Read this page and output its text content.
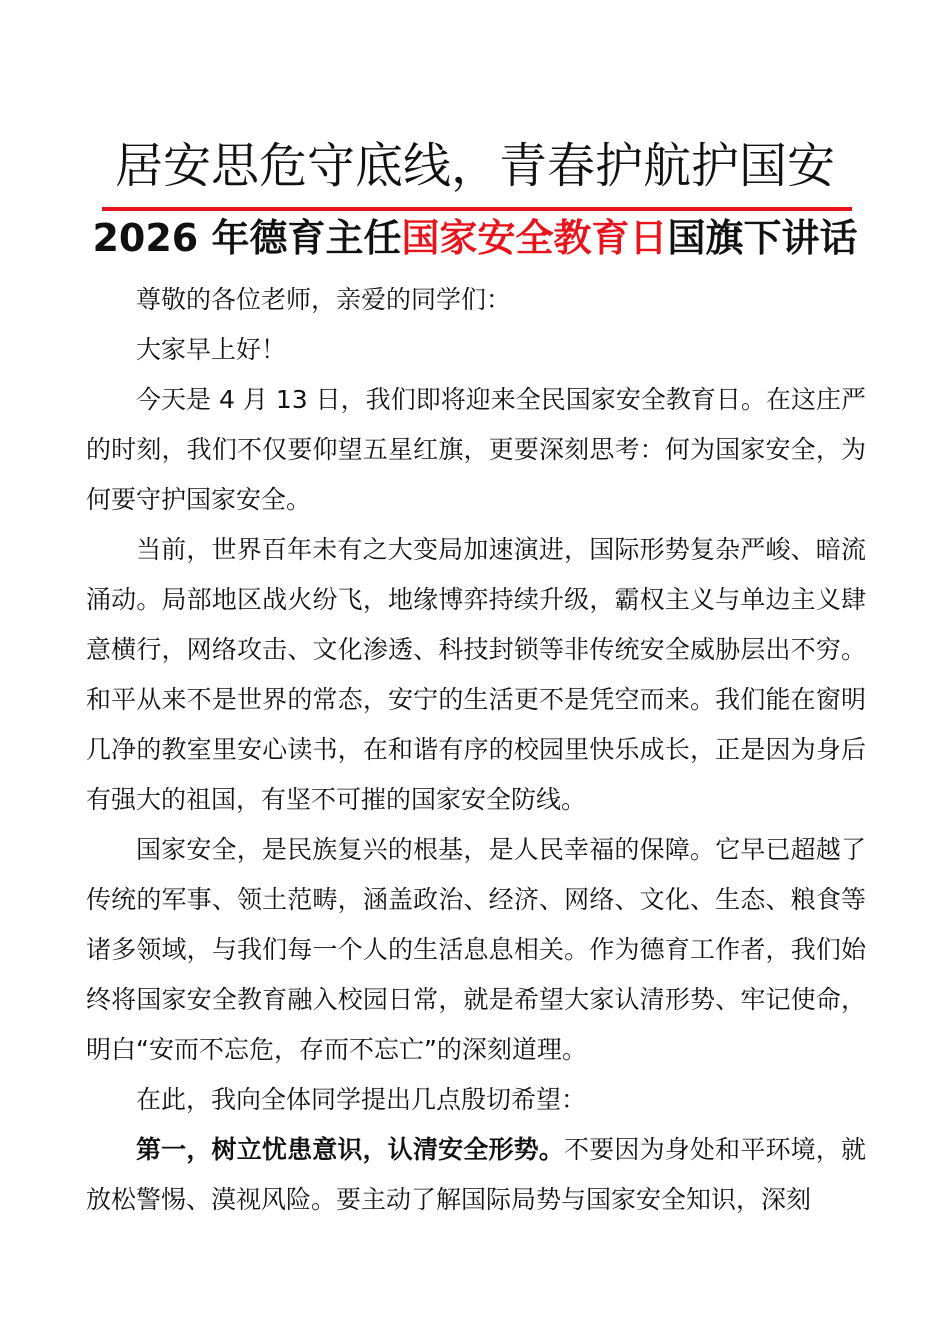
居安思危守底线，青春护航护国安
2026 年德育主任国家安全教育日国旗下讲话

尊敬的各位老师，亲爱的同学们：

大家早上好！

今天是 4 月 13 日，我们即将迎来全民国家安全教育日。在这庄严的时刻，我们不仅要仰望五星红旗，更要深刻思考：何为国家安全，为何要守护国家安全。

当前，世界百年未有之大变局加速演进，国际形势复杂严峻、暗流涌动。局部地区战火纷飞，地缘博弈持续升级，霸权主义与单边主义肆意横行，网络攻击、文化渗透、科技封锁等非传统安全威胁层出不穷。和平从来不是世界的常态，安宁的生活更不是凭空而来。我们能在窗明几净的教室里安心读书，在和谐有序的校园里快乐成长，正是因为身后有强大的祖国，有坚不可摧的国家安全防线。

国家安全，是民族复兴的根基，是人民幸福的保障。它早已超越了传统的军事、领土范畴，涵盖政治、经济、网络、文化、生态、粮食等诸多领域，与我们每一个人的生活息息相关。作为德育工作者，我们始终将国家安全教育融入校园日常，就是希望大家认清形势、牢记使命，明白“安而不忘危，存而不忘亡”的深刻道理。

在此，我向全体同学提出几点殷切希望：

第一，树立忧患意识，认清安全形势。不要因为身处和平环境，就放松警惕、漠视风险。要主动了解国际局势与国家安全知识，深刻
